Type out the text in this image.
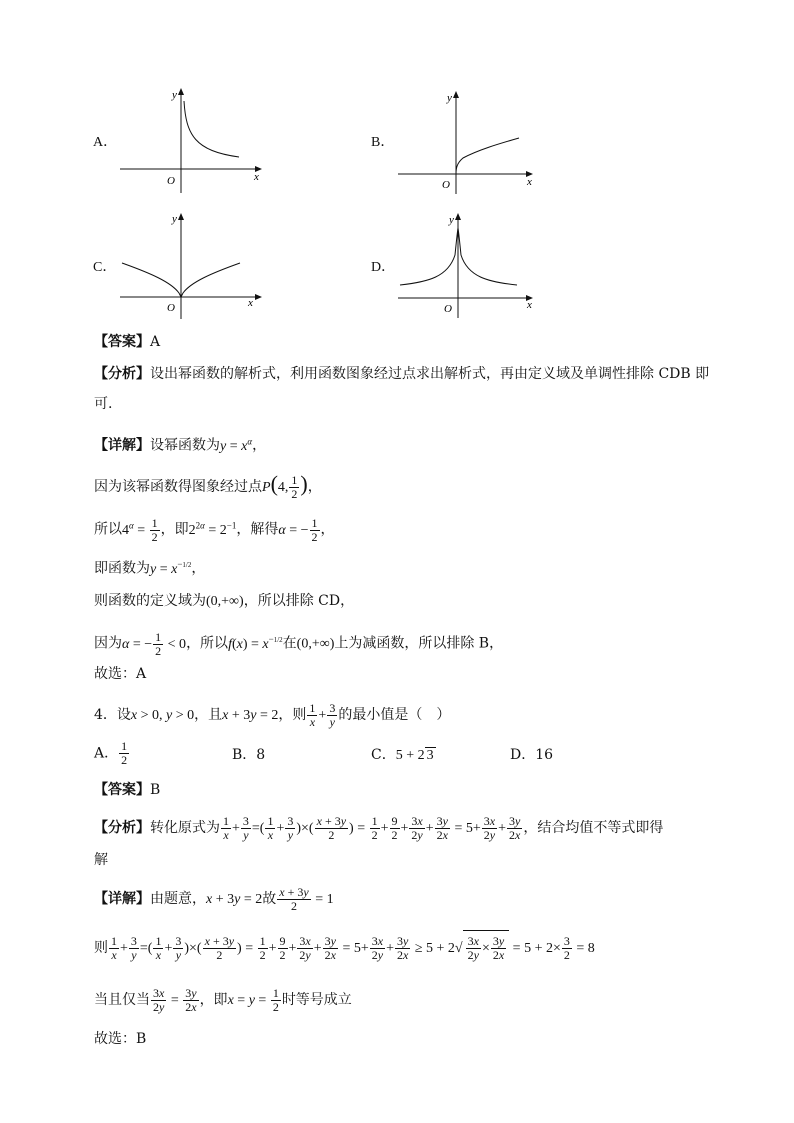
A．
y
x
O
B．
y
x
O
C．
y
x
O
D．
y
x
O
【答案】A
【分析】设出幂函数的解析式，利用函数图象经过点求出解析式，再由定义域及单调性排除 CDB 即
可.
【详解】设幂函数为$y = x^\alpha$，
因为该幂函数得图象经过点P(4, $\frac{1}{2}$ )，
所以$4^\alpha = \frac{1}{2}$ ，即$2^{2\alpha} = 2^{-1}$，解得α = − $\frac{1}{2}$ ，
即函数为$y = x^{-1/2}$，
则函数的定义域为(0,+∞)，所以排除 CD，
因为α = − $\frac{1}{2} < 0$，所以$f(x) = x^{-1/2}$在(0,+∞)上为减函数，所以排除 B，
故选：A
4．设x > 0, y > 0，且x + 3y = 2，则 $\frac{1}{x} + \frac{3}{y}$ 的最小值是（　）
A． $\frac{1}{2}$	B．8	C．5 + 2 3	D．16
【答案】B
【分析】转化原式为 $\frac{1}{x} + \frac{3}{y}$ =( $\frac{1}{x} + \frac{3}{y}$ )×( $\frac{x + 3y}{2}$ ) = $\frac{1}{2} + \frac{9}{2} + \frac{3x}{2y} + \frac{3y}{2x} = 5+ \frac{3x}{2y} + \frac{3y}{2x}$ ，结合均值不等式即得
解
【详解】由题意，x + 3y = 2故 $\frac{x + 3y}{2} = 1$
则 $\frac{1}{x} + \frac{3}{y}$ =( $\frac{1}{x} + \frac{3}{y}$ )×( $\frac{x + 3y}{2}$ ) = $\frac{1}{2} + \frac{9}{2} + \frac{3x}{2y} + \frac{3y}{2x} = 5+ \frac{3x}{2y} + \frac{3y}{2x} \ge 5 + 2√ \frac{3x}{2y} \times \frac{3y}{2x} = 5 + 2\times \frac{3}{2} = 8$
当且仅当 $\frac{3x}{2y} = \frac{3y}{2x}$ ，即$x = y = \frac{1}{2}$ 时等号成立
故选：B
